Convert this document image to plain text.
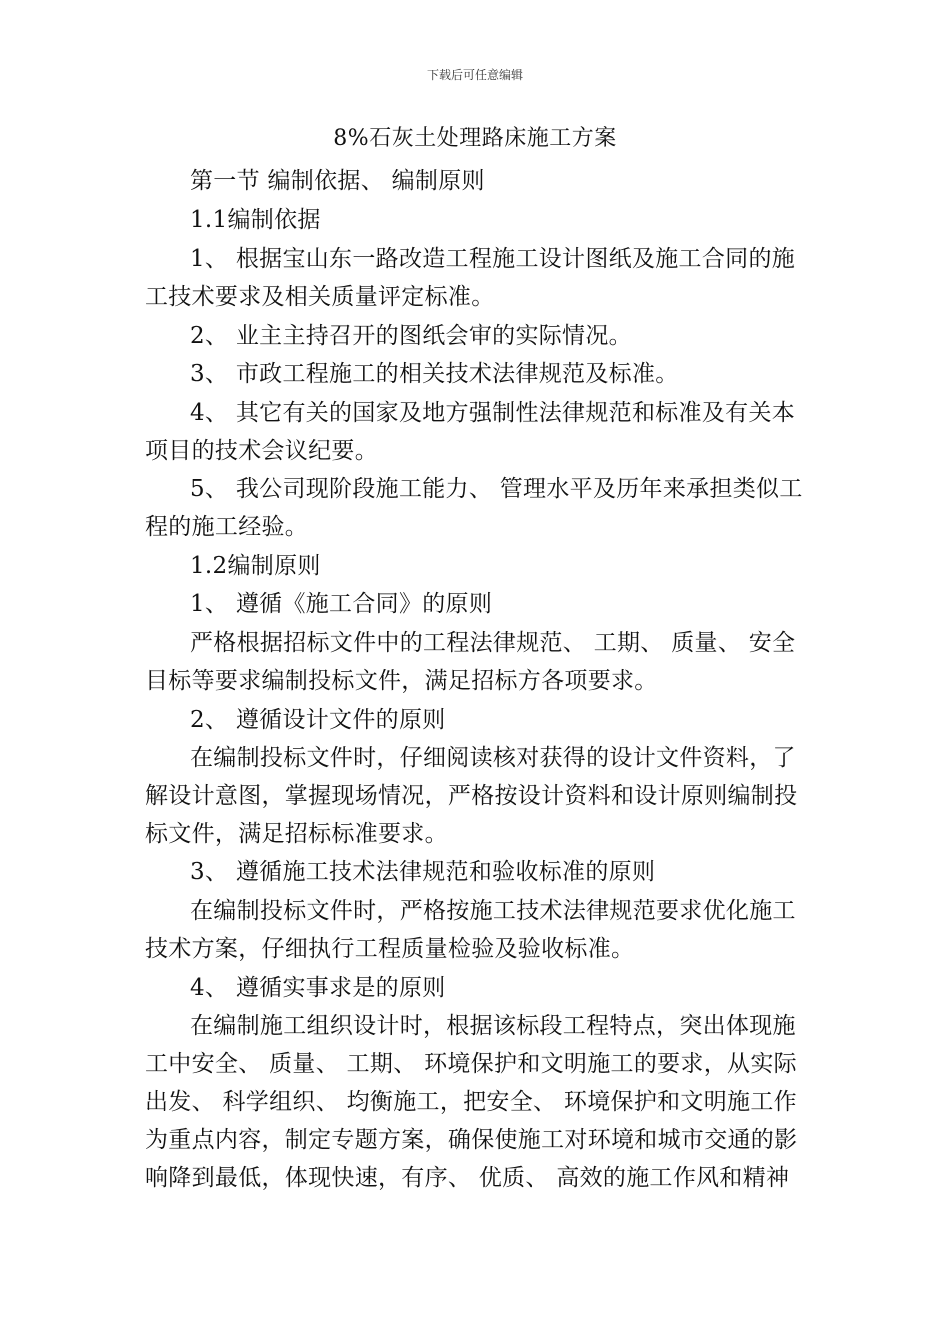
下载后可任意编辑
8%石灰土处理路床施工方案
第一节 编制依据、 编制原则
1.1编制依据
1、 根据宝山东一路改造工程施工设计图纸及施工合同的施
工技术要求及相关质量评定标准。
2、 业主主持召开的图纸会审的实际情况。
3、 市政工程施工的相关技术法律规范及标准。
4、 其它有关的国家及地方强制性法律规范和标准及有关本
项目的技术会议纪要。
5、 我公司现阶段施工能力、 管理水平及历年来承担类似工
程的施工经验。
1.2编制原则
1、 遵循《施工合同》的原则
严格根据招标文件中的工程法律规范、 工期、 质量、 安全
目标等要求编制投标文件，满足招标方各项要求。
2、 遵循设计文件的原则
在编制投标文件时，仔细阅读核对获得的设计文件资料，了
解设计意图，掌握现场情况，严格按设计资料和设计原则编制投
标文件，满足招标标准要求。
3、 遵循施工技术法律规范和验收标准的原则
在编制投标文件时，严格按施工技术法律规范要求优化施工
技术方案，仔细执行工程质量检验及验收标准。
4、 遵循实事求是的原则
在编制施工组织设计时，根据该标段工程特点，突出体现施
工中安全、 质量、 工期、 环境保护和文明施工的要求，从实际
出发、 科学组织、 均衡施工，把安全、 环境保护和文明施工作
为重点内容，制定专题方案，确保使施工对环境和城市交通的影
响降到最低，体现快速，有序、 优质、 高效的施工作风和精神
